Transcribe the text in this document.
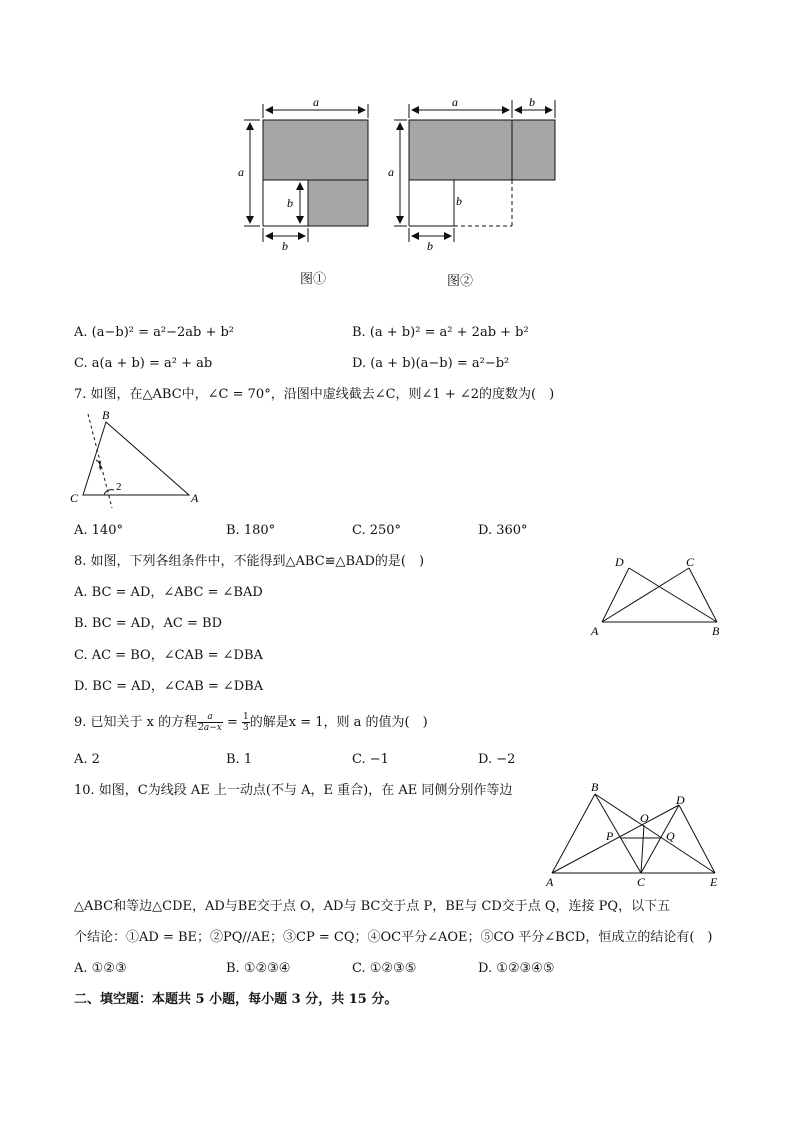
a
a
b
b
图①
a	b
a
b
b
图②
A. (a−b)² = a²−2ab + b²	B. (a + b)² = a² + 2ab + b²
C. a(a + b) = a² + ab	D. (a + b)(a−b) = a²−b²
7. 如图，在△ABC中，∠C = 70°，沿图中虚线截去∠C，则∠1 + ∠2的度数为(　)
B
C	A
1
2
A. 140°	B. 180°	C. 250°	D. 360°
8. 如图，下列各组条件中，不能得到△ABC≌△BAD的是(　)	D	C
A	B
A. BC = AD，∠ABC = ∠BAD
B. BC = AD，AC = BD
C. AC = BO，∠CAB = ∠DBA
D. BC = AD，∠CAB = ∠DBA
9. 已知关于 x 的方程 $\frac{a}{2a-x} = \frac{1}{3}$ 的解是x = 1，则 a 的值为(　)
A. 2	B. 1	C. −1	D. −2
10. 如图，C为线段 AE 上一动点(不与 A，E 重合)，在 AE 同侧分别作等边	B
D
O
P	Q
A	C	E
△ABC和等边△CDE，AD与BE交于点 O，AD与 BC交于点 P，BE与 CD交于点 Q，连接 PQ，以下五
个结论：①AD = BE；②PQ//AE；③CP = CQ；④OC平分∠AOE；⑤CO 平分∠BCD，恒成立的结论有(　)
A. ①②③	B. ①②③④	C. ①②③⑤	D. ①②③④⑤
二、填空题：本题共 5 小题，每小题 3 分，共 15 分。
